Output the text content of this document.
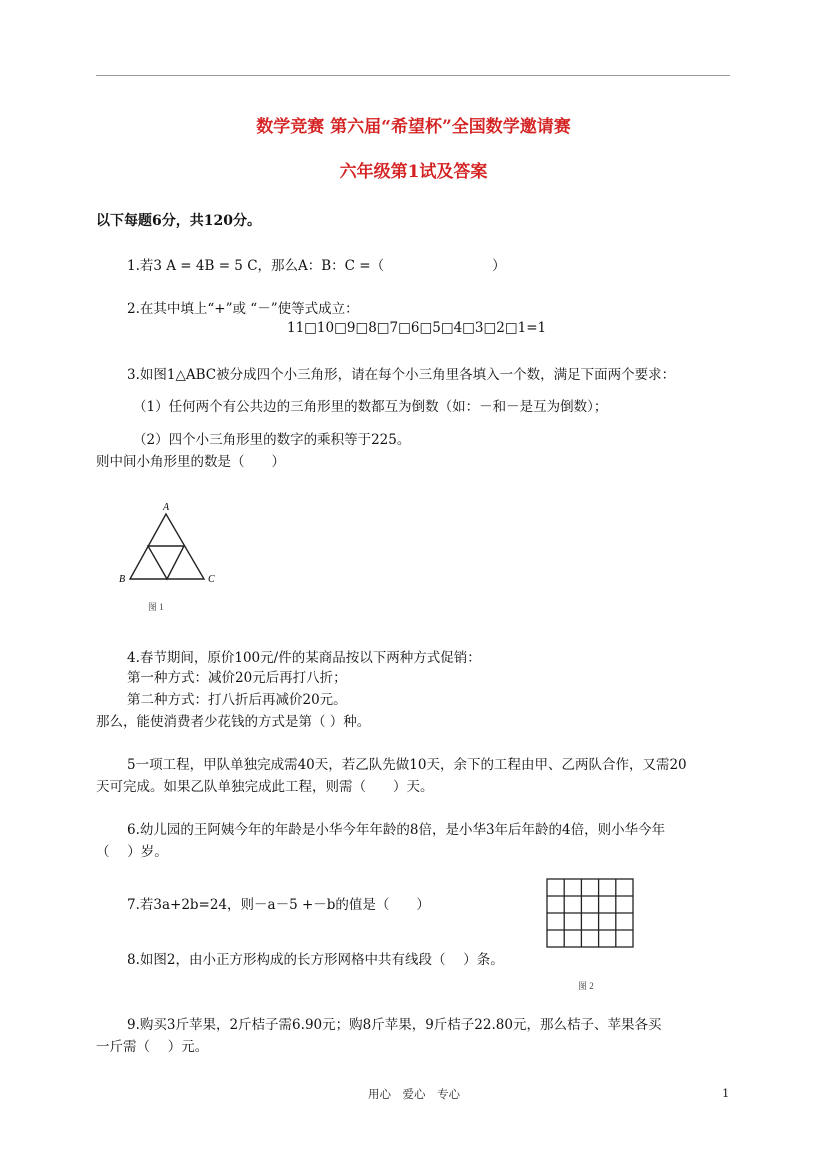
数学竞赛 第六届“希望杯”全国数学邀请赛
六年级第1试及答案
以下每题6分，共120分。
1.若3 A = 4B = 5 C，那么A：B：C =（　　　　　　　　）
2.在其中填上“+”或 “－”使等式成立：
11□10□9□8□7□6□5□4□3□2□1=1
3.如图1△ABC被分成四个小三角形，请在每个小三角里各填入一个数，满足下面两个要求：
（1）任何两个有公共边的三角形里的数都互为倒数（如：－和－是互为倒数）；
（2）四个小三角形里的数字的乘积等于225。
则中间小角形里的数是（　　）
A
B	C
图 1
4.春节期间，原价100元/件的某商品按以下两种方式促销：
第一种方式：减价20元后再打八折；
第二种方式：打八折后再减价20元。
那么，能使消费者少花钱的方式是第（ ）种。
5一项工程，甲队单独完成需40天，若乙队先做10天，余下的工程由甲、乙两队合作，又需20
天可完成。如果乙队单独完成此工程，则需（　　）天。
6.幼儿园的王阿姨今年的年龄是小华今年年龄的8倍，是小华3年后年龄的4倍，则小华今年
（　 ）岁。
7.若3a+2b=24，则－a－5 +－b的值是（　　）
8.如图2，由小正方形构成的长方形网格中共有线段（　 ）条。
图 2
9.购买3斤苹果，2斤桔子需6.90元；购8斤苹果，9斤桔子22.80元，那么桔子、苹果各买
一斤需（　 ）元。
用心　爱心　专心	1
